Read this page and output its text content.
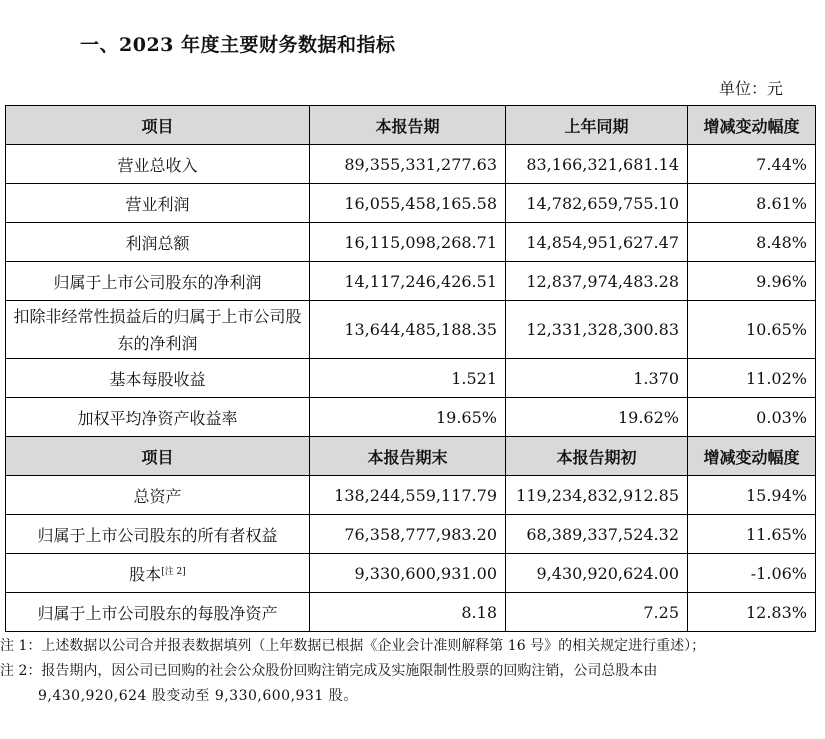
一、2023 年度主要财务数据和指标
单位：元
项目	本报告期	上年同期	增减变动幅度
营业总收入	89,355,331,277.63	83,166,321,681.14	7.44%
营业利润	16,055,458,165.58	14,782,659,755.10	8.61%
利润总额	16,115,098,268.71	14,854,951,627.47	8.48%
归属于上市公司股东的净利润	14,117,246,426.51	12,837,974,483.28	9.96%
扣除非经常性损益后的归属于上市公司股东的净利润	13,644,485,188.35	12,331,328,300.83	10.65%
基本每股收益	1.521	1.370	11.02%
加权平均净资产收益率	19.65%	19.62%	0.03%
项目	本报告期末	本报告期初	增减变动幅度
总资产	138,244,559,117.79	119,234,832,912.85	15.94%
归属于上市公司股东的所有者权益	76,358,777,983.20	68,389,337,524.32	11.65%
股本[注 2]	9,330,600,931.00	9,430,920,624.00	-1.06%
归属于上市公司股东的每股净资产	8.18	7.25	12.83%

注 1：上述数据以公司合并报表数据填列（上年数据已根据《企业会计准则解释第 16 号》的相关规定进行重述）；

注 2：报告期内，因公司已回购的社会公众股份回购注销完成及实施限制性股票的回购注销，公司总股本由

9,430,920,624 股变动至 9,330,600,931 股。
